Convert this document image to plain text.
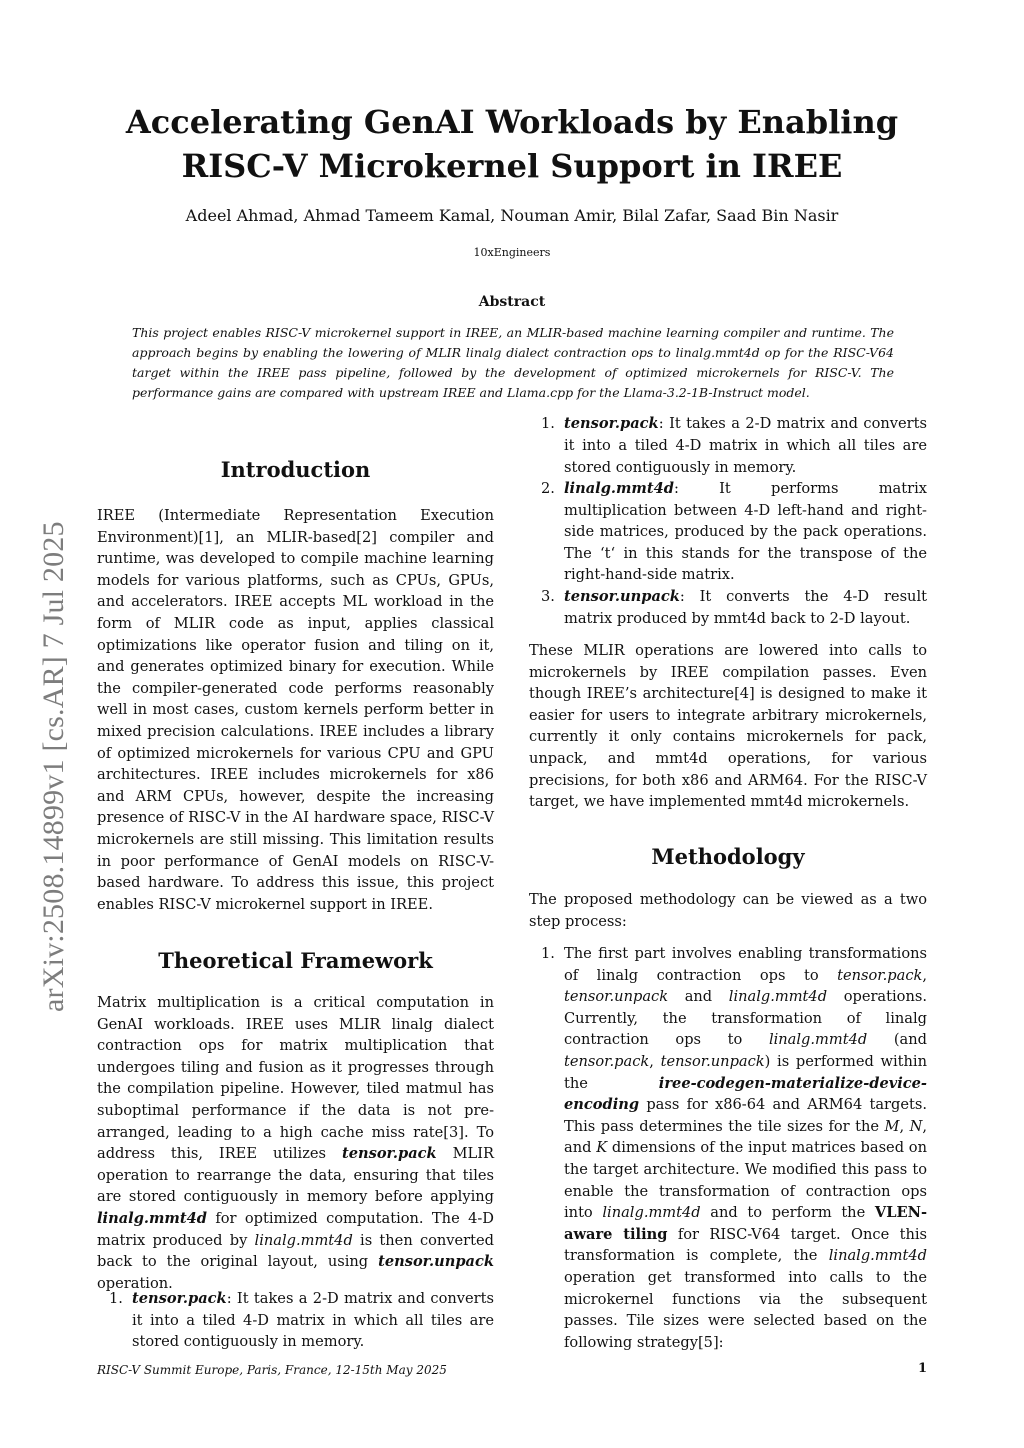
arXiv:2508.14899v1 [cs.AR] 7 Jul 2025
Accelerating GenAI Workloads by Enabling RISC-V Microkernel Support in IREE
Adeel Ahmad, Ahmad Tameem Kamal, Nouman Amir, Bilal Zafar, Saad Bin Nasir
10xEngineers
Abstract

This project enables RISC-V microkernel support in IREE, an MLIR-based machine learning compiler and runtime. The approach begins by enabling the lowering of MLIR linalg dialect contraction ops to linalg.mmt4d op for the RISC-V64 target within the IREE pass pipeline, followed by the development of optimized microkernels for RISC-V. The performance gains are compared with upstream IREE and Llama.cpp for the Llama-3.2-1B-Instruct model.

Introduction

IREE (Intermediate Representation Execution Environment)[1], an MLIR-based[2] compiler and runtime, was developed to compile machine learning models for various platforms, such as CPUs, GPUs, and accelerators. IREE accepts ML workload in the form of MLIR code as input, applies classical optimizations like operator fusion and tiling on it, and generates optimized binary for execution. While the compiler-generated code performs reasonably well in most cases, custom kernels perform better in mixed precision calculations. IREE includes a library of optimized microkernels for various CPU and GPU architectures. IREE includes microkernels for x86 and ARM CPUs, however, despite the increasing presence of RISC-V in the AI hardware space, RISC-V microkernels are still missing. This limitation results in poor performance of GenAI models on RISC-V-based hardware. To address this issue, this project enables RISC-V microkernel support in IREE.

Theoretical Framework

Matrix multiplication is a critical computation in GenAI workloads. IREE uses MLIR linalg dialect contraction ops for matrix multiplication that undergoes tiling and fusion as it progresses through the compilation pipeline. However, tiled matmul has suboptimal performance if the data is not pre-arranged, leading to a high cache miss rate[3]. To address this, IREE utilizes tensor.pack MLIR operation to rearrange the data, ensuring that tiles are stored contiguously in memory before applying linalg.mmt4d for optimized computation. The 4-D matrix produced by linalg.mmt4d is then converted back to the original layout, using tensor.unpack operation.

1. tensor.pack: It takes a 2-D matrix and converts it into a tiled 4-D matrix in which all tiles are stored contiguously in memory.
1. tensor.pack: It takes a 2-D matrix and converts it into a tiled 4-D matrix in which all tiles are stored contiguously in memory.
2. linalg.mmt4d: It performs matrix multiplication between 4-D left-hand and right-side matrices, produced by the pack operations. The ‘t‘ in this stands for the transpose of the right-hand-side matrix.
3. tensor.unpack: It converts the 4-D result matrix produced by mmt4d back to 2-D layout.

These MLIR operations are lowered into calls to microkernels by IREE compilation passes. Even though IREE’s architecture[4] is designed to make it easier for users to integrate arbitrary microkernels, currently it only contains microkernels for pack, unpack, and mmt4d operations, for various precisions, for both x86 and ARM64. For the RISC-V target, we have implemented mmt4d microkernels.

Methodology

The proposed methodology can be viewed as a two step process:

1. The first part involves enabling transformations of linalg contraction ops to tensor.pack, tensor.unpack and linalg.mmt4d operations. Currently, the transformation of linalg contraction ops to linalg.mmt4d (and tensor.pack, tensor.unpack) is performed within the iree-codegen-materialize-device-encoding pass for x86-64 and ARM64 targets. This pass determines the tile sizes for the M, N, and K dimensions of the input matrices based on the target architecture. We modified this pass to enable the transformation of contraction ops into linalg.mmt4d and to perform the VLEN-aware tiling for RISC-V64 target. Once this transformation is complete, the linalg.mmt4d operation get transformed into calls to the microkernel functions via the subsequent passes. Tile sizes were selected based on the following strategy[5]:
RISC-V Summit Europe, Paris, France, 12-15th May 2025	1
